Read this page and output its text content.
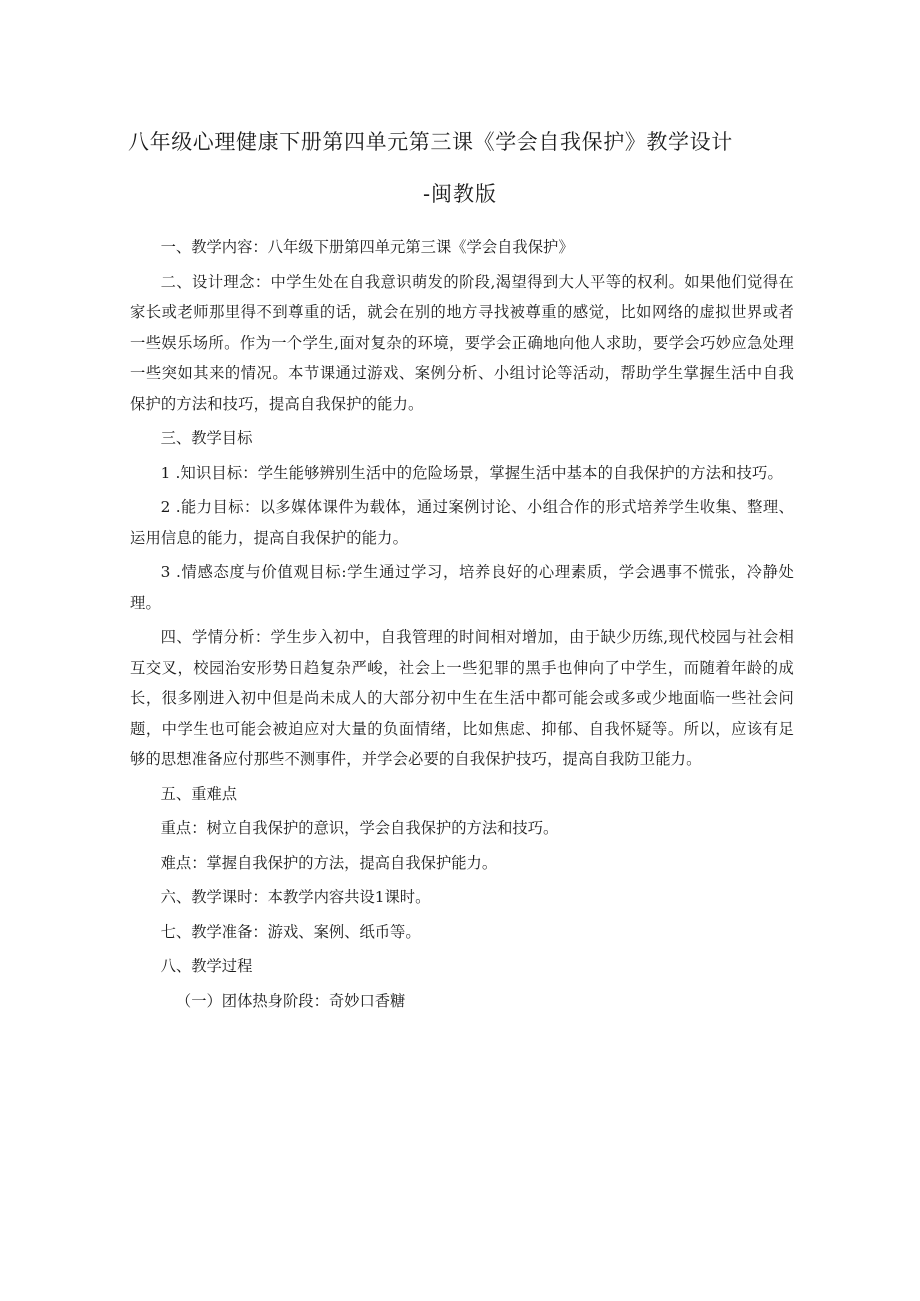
八年级心理健康下册第四单元第三课《学会自我保护》教学设计
-闽教版

一、教学内容：八年级下册第四单元第三课《学会自我保护》

二、设计理念：中学生处在自我意识萌发的阶段,渴望得到大人平等的权利。如果他们觉得在家长或老师那里得不到尊重的话，就会在别的地方寻找被尊重的感觉，比如网络的虚拟世界或者一些娱乐场所。作为一个学生,面对复杂的环境，要学会正确地向他人求助，要学会巧妙应急处理一些突如其来的情况。本节课通过游戏、案例分析、小组讨论等活动，帮助学生掌握生活中自我保护的方法和技巧，提高自我保护的能力。

三、教学目标

1 .知识目标：学生能够辨别生活中的危险场景，掌握生活中基本的自我保护的方法和技巧。

2 .能力目标：以多媒体课件为载体，通过案例讨论、小组合作的形式培养学生收集、整理、运用信息的能力，提高自我保护的能力。

3 .情感态度与价值观目标:学生通过学习，培养良好的心理素质，学会遇事不慌张，冷静处理。

四、学情分析：学生步入初中，自我管理的时间相对增加，由于缺少历练,现代校园与社会相互交叉，校园治安形势日趋复杂严峻，社会上一些犯罪的黑手也伸向了中学生，而随着年龄的成长，很多刚进入初中但是尚未成人的大部分初中生在生活中都可能会或多或少地面临一些社会问题，中学生也可能会被迫应对大量的负面情绪，比如焦虑、抑郁、自我怀疑等。所以，应该有足够的思想准备应付那些不测事件，并学会必要的自我保护技巧，提高自我防卫能力。

五、重难点

重点：树立自我保护的意识，学会自我保护的方法和技巧。

难点：掌握自我保护的方法，提高自我保护能力。

六、教学课时：本教学内容共设1课时。

七、教学准备：游戏、案例、纸币等。

八、教学过程

（一）团体热身阶段：奇妙口香糖
